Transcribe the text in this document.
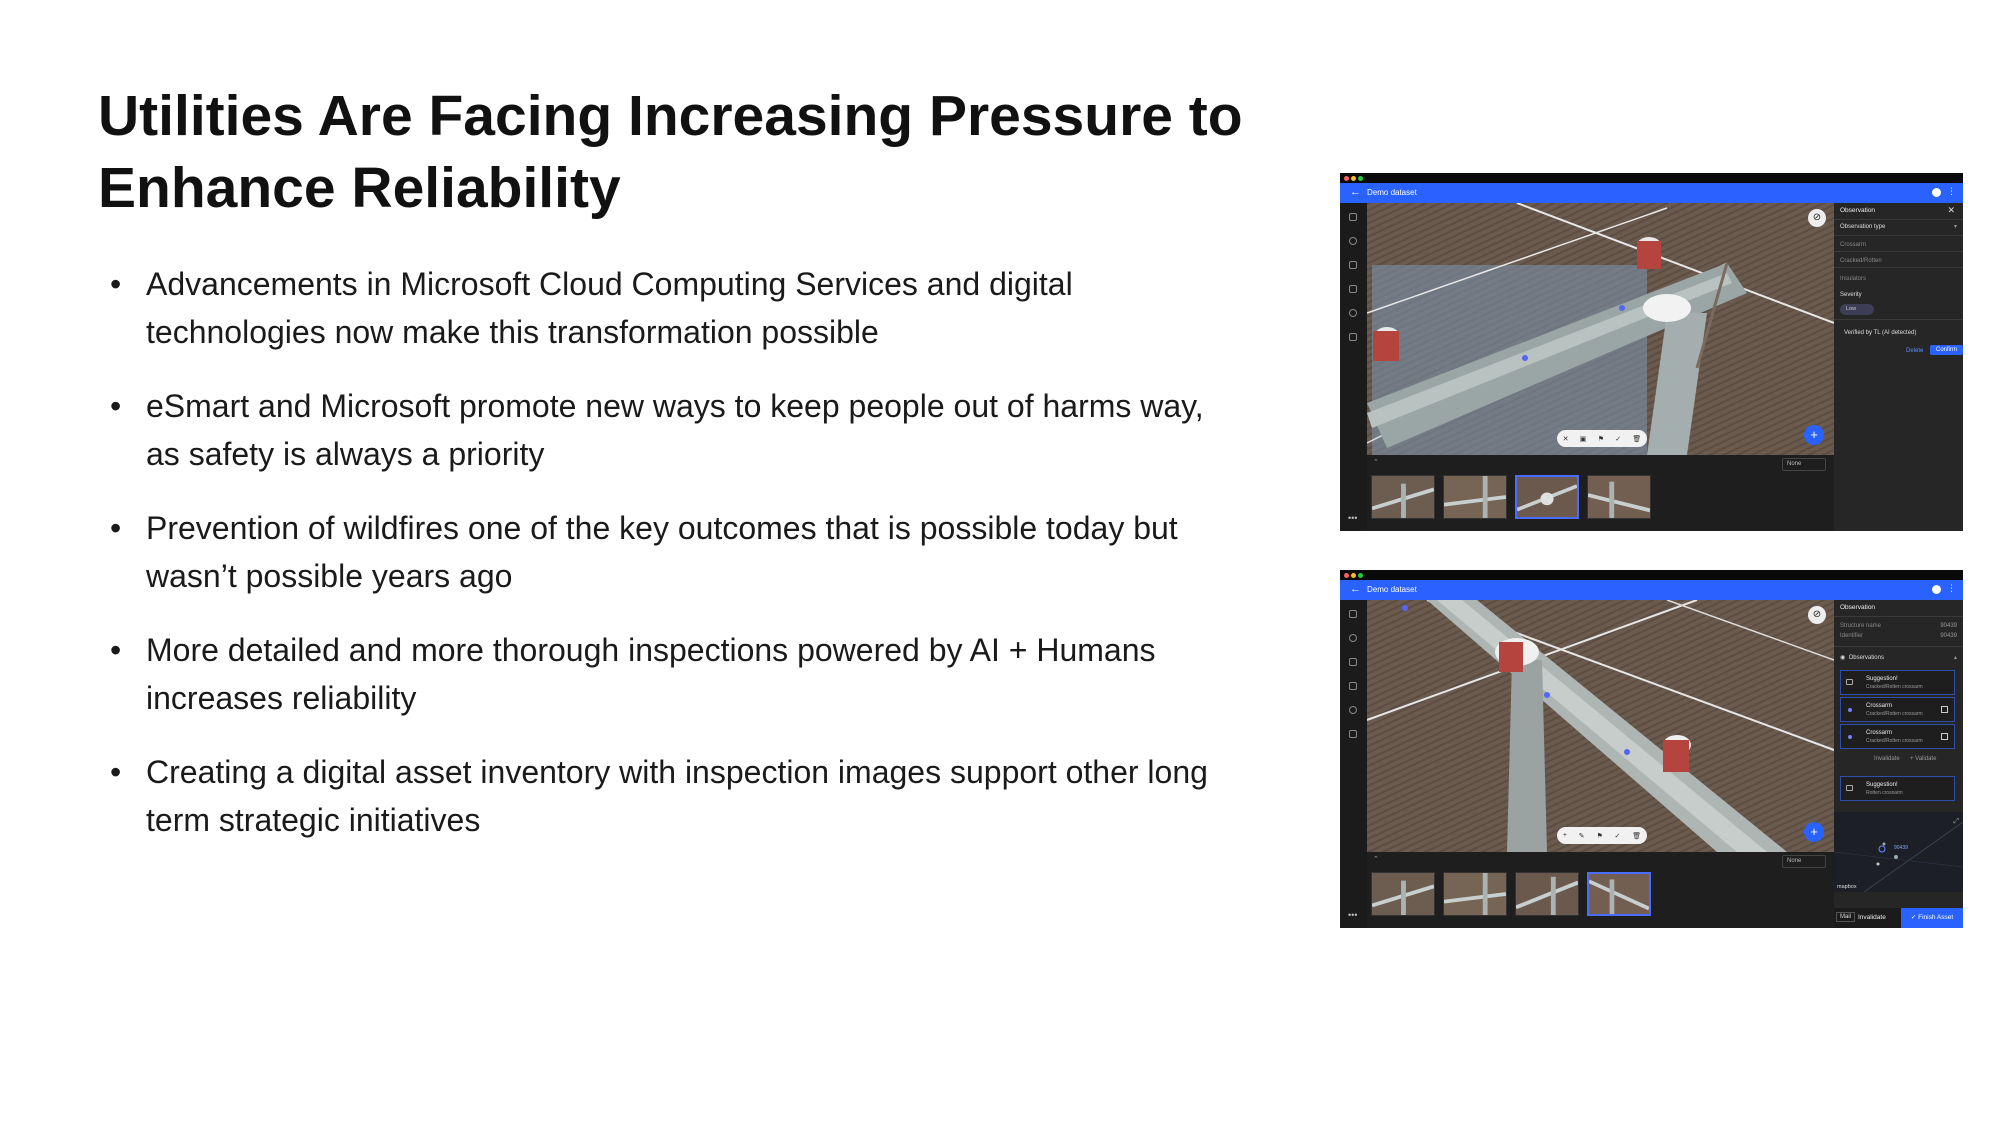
Utilities Are Facing Increasing Pressure to Enhance Reliability
• Advancements in Microsoft Cloud Computing Services and digital technologies now make this transformation possible
• eSmart and Microsoft promote new ways to keep people out of harms way, as safety is always a priority
• Prevention of wildfires one of the key outcomes that is possible today but wasn’t possible years ago
• More detailed and more thorough inspections powered by AI + Humans increases reliability
• Creating a digital asset inventory with inspection images support other long term strategic initiatives
← Demo dataset	⋮
•••
⊘
✕ ▣ ⚑ ✓ 🗑	+
⌃	None
Observation	✕
Observation type	▾
Crossarm
Cracked/Rotten
Insulators
Severity
Low
Verified by TL (AI detected)
Delete	Confirm
← Demo dataset	⋮
•••
⊘
+ ✎ ⚑ ✓ 🗑	+
⌃	None
Observation
Structure name	90439
Identifier	90439
◉ Observations	▴
Suggestion!
Cracked/Rotten crossarm
Crossarm
Cracked/Rotten crossarm
Crossarm
Cracked/Rotten crossarm
Invalidate + Validate
Suggestion!
Rotten crossarm
90439
mapbox
⤢
Mail	Invalidate	✓ Finish Asset
